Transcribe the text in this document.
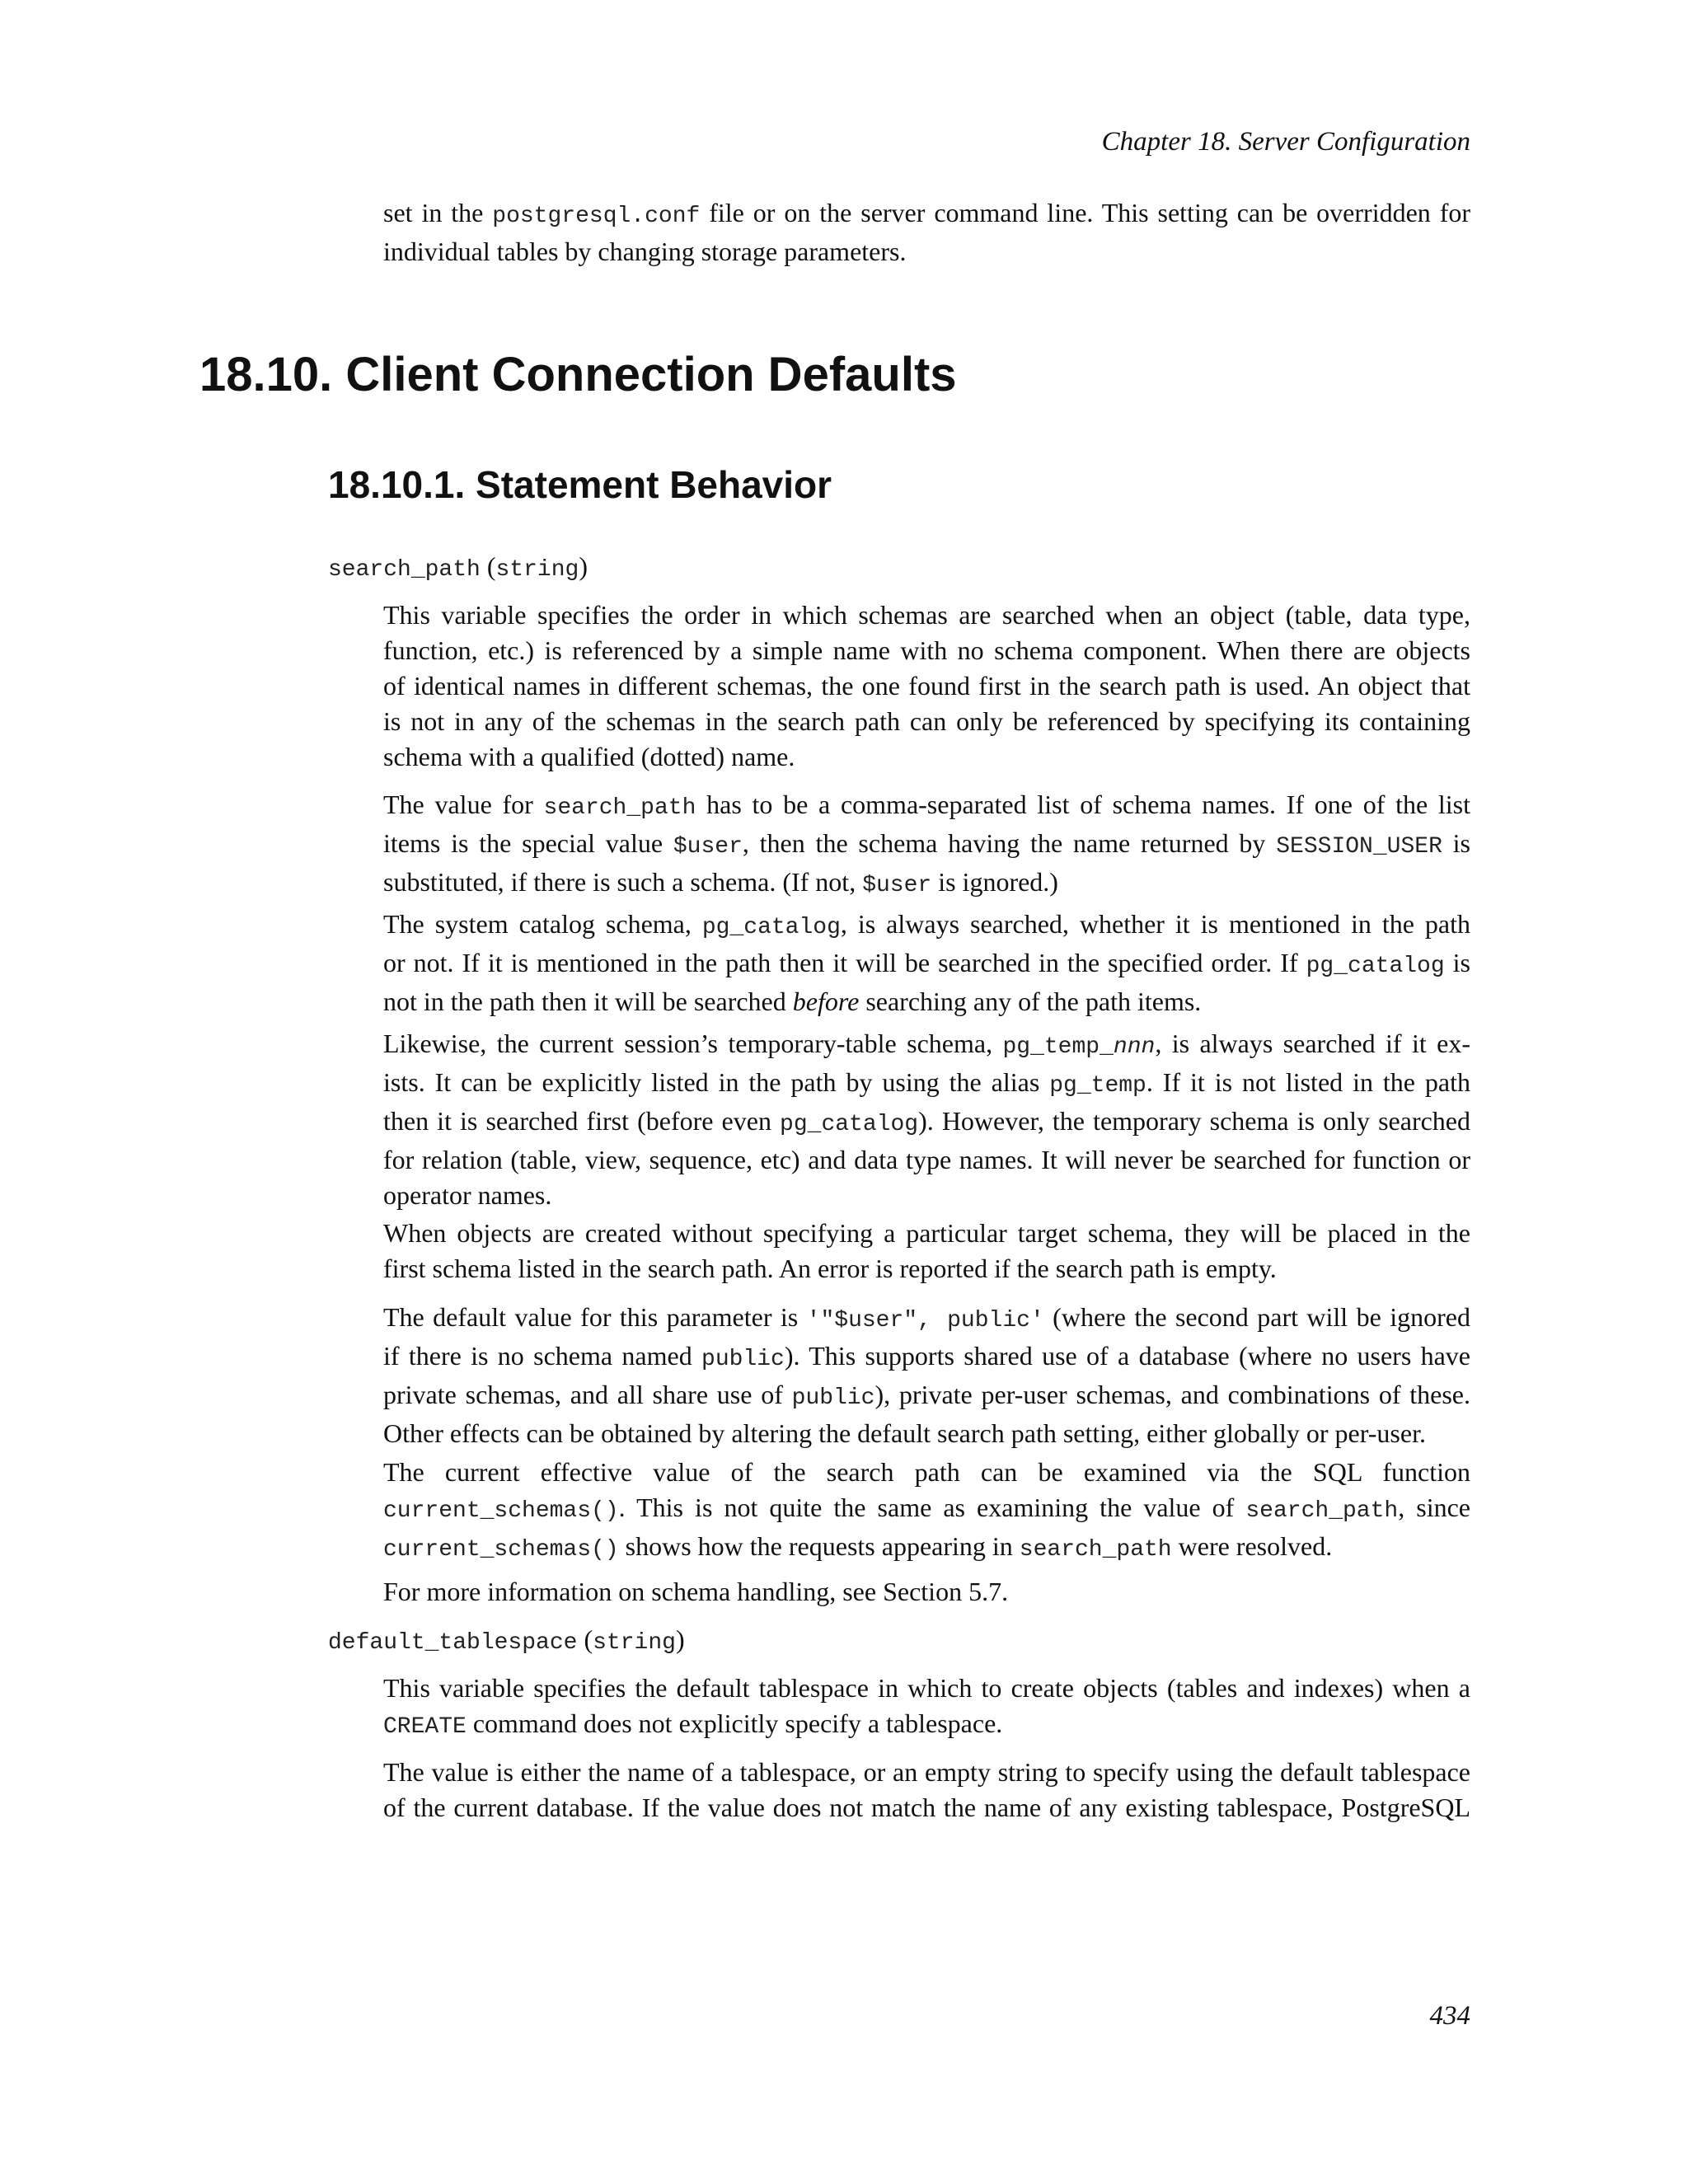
Chapter 18. Server Configuration
set in the postgresql.conf file or on the server command line. This setting can be overridden for
individual tables by changing storage parameters.
18.10. Client Connection Defaults
18.10.1. Statement Behavior
search_path (string)
This variable specifies the order in which schemas are searched when an object (table, data type,
function, etc.) is referenced by a simple name with no schema component. When there are objects
of identical names in different schemas, the one found first in the search path is used. An object that
is not in any of the schemas in the search path can only be referenced by specifying its containing
schema with a qualified (dotted) name.
The value for search_path has to be a comma-separated list of schema names. If one of the list
items is the special value $user, then the schema having the name returned by SESSION_USER is
substituted, if there is such a schema. (If not, $user is ignored.)
The system catalog schema, pg_catalog, is always searched, whether it is mentioned in the path
or not. If it is mentioned in the path then it will be searched in the specified order. If pg_catalog is
not in the path then it will be searched before searching any of the path items.
Likewise, the current session’s temporary-table schema, pg_temp_nnn, is always searched if it ex-
ists. It can be explicitly listed in the path by using the alias pg_temp. If it is not listed in the path
then it is searched first (before even pg_catalog). However, the temporary schema is only searched
for relation (table, view, sequence, etc) and data type names. It will never be searched for function or
operator names.
When objects are created without specifying a particular target schema, they will be placed in the
first schema listed in the search path. An error is reported if the search path is empty.
The default value for this parameter is '"$user", public' (where the second part will be ignored
if there is no schema named public). This supports shared use of a database (where no users have
private schemas, and all share use of public), private per-user schemas, and combinations of these.
Other effects can be obtained by altering the default search path setting, either globally or per-user.
The current effective value of the search path can be examined via the SQL function
current_schemas(). This is not quite the same as examining the value of search_path, since
current_schemas() shows how the requests appearing in search_path were resolved.
For more information on schema handling, see Section 5.7.
default_tablespace (string)
This variable specifies the default tablespace in which to create objects (tables and indexes) when a
CREATE command does not explicitly specify a tablespace.
The value is either the name of a tablespace, or an empty string to specify using the default tablespace
of the current database. If the value does not match the name of any existing tablespace, PostgreSQL
434
